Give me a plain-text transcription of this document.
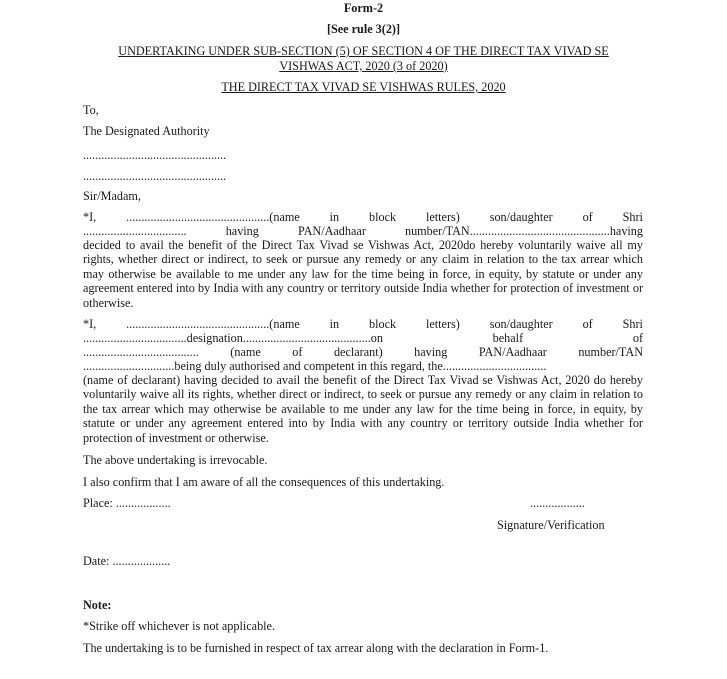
Form-2
[See rule 3(2)]
UNDERTAKING UNDER SUB-SECTION (5) OF SECTION 4 OF THE DIRECT TAX VIVAD SE
VISHWAS ACT, 2020 (3 of 2020)
THE DIRECT TAX VIVAD SE VISHWAS RULES, 2020
To,
The Designated Authority
...............................................
...............................................
Sir/Madam,
*I, ...............................................(name in block letters) son/daughter of Shri
..................................	having	PAN/Aadhaar	number/TAN..............................................having
decided to avail the benefit of the Direct Tax Vivad se Vishwas Act, 2020do hereby voluntarily waive all my rights, whether direct or indirect, to seek or pursue any remedy or any claim in relation to the tax arrear which may otherwise be available to me under any law for the time being in force, in equity, by statute or under any agreement entered into by India with any country or territory outside India whether for protection of investment or otherwise.
*I, ...............................................(name in block letters) son/daughter of Shri
..................................designation..........................................on	behalf	of
......................................	(name	of	declarant)	having	PAN/Aadhaar	number/TAN
..............................being duly authorised and competent in this regard, the..................................
(name of declarant) having decided to avail the benefit of the Direct Tax Vivad se Vishwas Act, 2020 do hereby voluntarily waive all its rights, whether direct or indirect, to seek or pursue any remedy or any claim in relation to the tax arrear which may otherwise be available to me under any law for the time being in force, in equity, by statute or under any agreement entered into by India with any country or territory outside India whether for protection of investment or otherwise.
The above undertaking is irrevocable.
I also confirm that I am aware of all the consequences of this undertaking.
Place: ..................	..................
Signature/Verification
Date: ...................
Note:
*Strike off whichever is not applicable.
The undertaking is to be furnished in respect of tax arrear along with the declaration in Form-1.
